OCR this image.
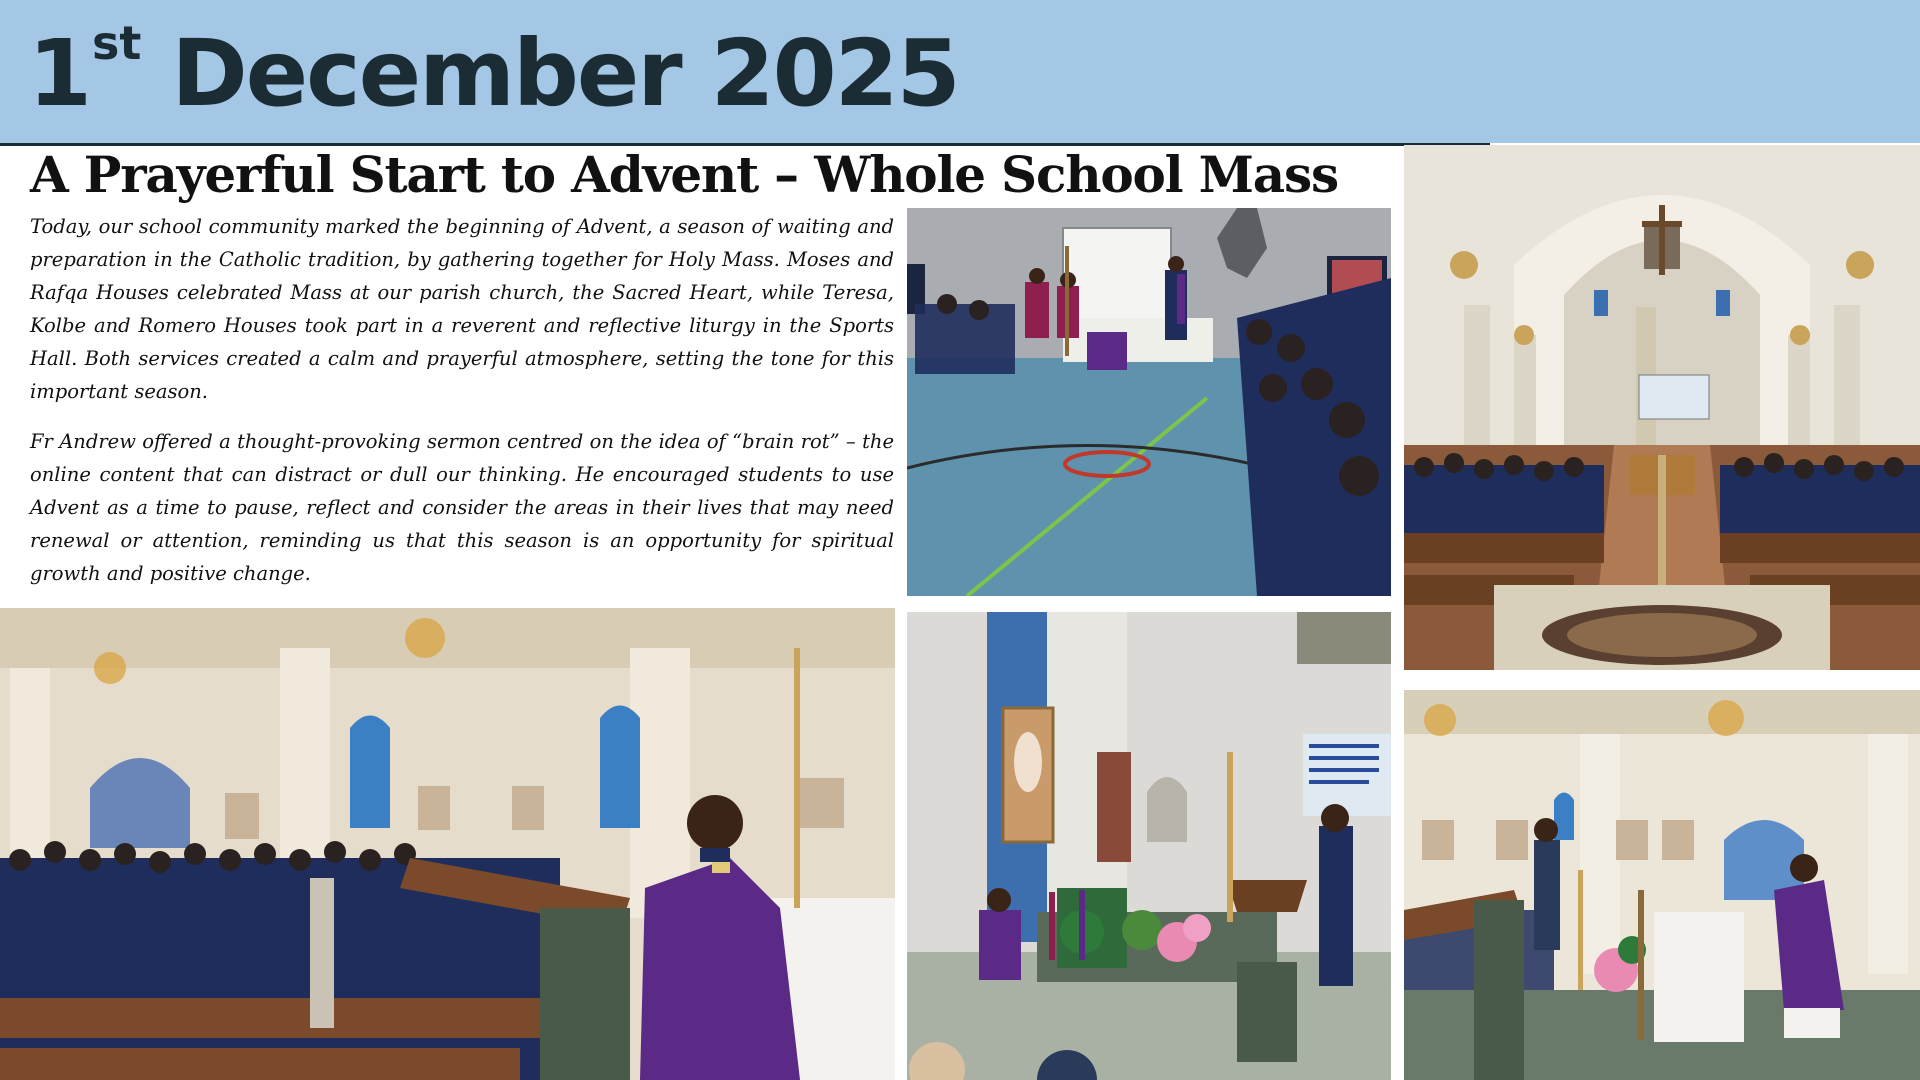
1st December 2025
A Prayerful Start to Advent – Whole School Mass

Today, our school community marked the beginning of Advent, a season of waiting and preparation in the Catholic tradition, by gathering together for Holy Mass. Moses and Rafqa Houses celebrated Mass at our parish church, the Sacred Heart, while Teresa, Kolbe and Romero Houses took part in a reverent and reflective liturgy in the Sports Hall. Both services created a calm and prayerful atmosphere, setting the tone for this important season.

Fr Andrew offered a thought-provoking sermon centred on the idea of “brain rot” – the online content that can distract or dull our thinking. He encouraged students to use Advent as a time to pause, reflect and consider the areas in their lives that may need renewal or attention, reminding us that this season is an opportunity for spiritual growth and positive change.
